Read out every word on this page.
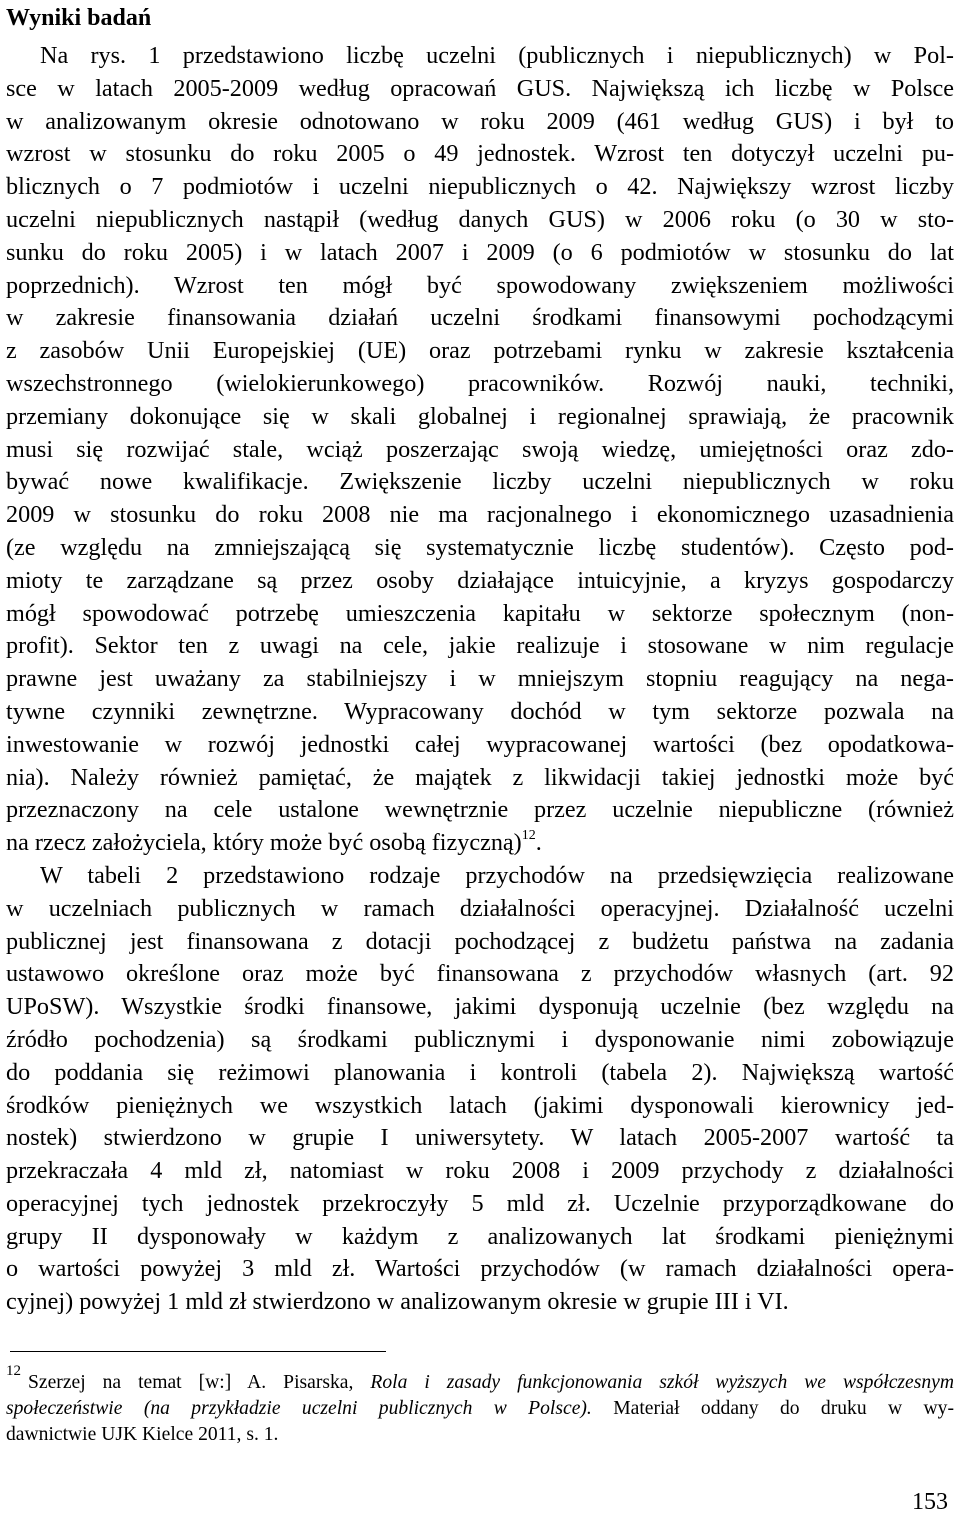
Wyniki badań
Na rys. 1 przedstawiono liczbę uczelni (publicznych i niepublicznych) w Pol-
sce w latach 2005-2009 według opracowań GUS. Największą ich liczbę w Polsce
w analizowanym okresie odnotowano w roku 2009 (461 według GUS) i był to
wzrost w stosunku do roku 2005 o 49 jednostek. Wzrost ten dotyczył uczelni pu-
blicznych o 7 podmiotów i uczelni niepublicznych o 42. Największy wzrost liczby
uczelni niepublicznych nastąpił (według danych GUS) w 2006 roku (o 30 w sto-
sunku do roku 2005) i w latach 2007 i 2009 (o 6 podmiotów w stosunku do lat
poprzednich). Wzrost ten mógł być spowodowany zwiększeniem możliwości
w zakresie finansowania działań uczelni środkami finansowymi pochodzącymi
z zasobów Unii Europejskiej (UE) oraz potrzebami rynku w zakresie kształcenia
wszechstronnego (wielokierunkowego) pracowników. Rozwój nauki, techniki,
przemiany dokonujące się w skali globalnej i regionalnej sprawiają, że pracownik
musi się rozwijać stale, wciąż poszerzając swoją wiedzę, umiejętności oraz zdo-
bywać nowe kwalifikacje. Zwiększenie liczby uczelni niepublicznych w roku
2009 w stosunku do roku 2008 nie ma racjonalnego i ekonomicznego uzasadnienia
(ze względu na zmniejszającą się systematycznie liczbę studentów). Często pod-
mioty te zarządzane są przez osoby działające intuicyjnie, a kryzys gospodarczy
mógł spowodować potrzebę umieszczenia kapitału w sektorze społecznym (non-
profit). Sektor ten z uwagi na cele, jakie realizuje i stosowane w nim regulacje
prawne jest uważany za stabilniejszy i w mniejszym stopniu reagujący na nega-
tywne czynniki zewnętrzne. Wypracowany dochód w tym sektorze pozwala na
inwestowanie w rozwój jednostki całej wypracowanej wartości (bez opodatkowa-
nia). Należy również pamiętać, że majątek z likwidacji takiej jednostki może być
przeznaczony na cele ustalone wewnętrznie przez uczelnie niepubliczne (również
na rzecz założyciela, który może być osobą fizyczną)$^{12}$.
W tabeli 2 przedstawiono rodzaje przychodów na przedsięwzięcia realizowane
w uczelniach publicznych w ramach działalności operacyjnej. Działalność uczelni
publicznej jest finansowana z dotacji pochodzącej z budżetu państwa na zadania
ustawowo określone oraz może być finansowana z przychodów własnych (art. 92
UPoSW). Wszystkie środki finansowe, jakimi dysponują uczelnie (bez względu na
źródło pochodzenia) są środkami publicznymi i dysponowanie nimi zobowiązuje
do poddania się reżimowi planowania i kontroli (tabela 2). Największą wartość
środków pieniężnych we wszystkich latach (jakimi dysponowali kierownicy jed-
nostek) stwierdzono w grupie I uniwersytety. W latach 2005-2007 wartość ta
przekraczała 4 mld zł, natomiast w roku 2008 i 2009 przychody z działalności
operacyjnej tych jednostek przekroczyły 5 mld zł. Uczelnie przyporządkowane do
grupy II dysponowały w każdym z analizowanych lat środkami pieniężnymi
o wartości powyżej 3 mld zł. Wartości przychodów (w ramach działalności opera-
cyjnej) powyżej 1 mld zł stwierdzono w analizowanym okresie w grupie III i VI.
12
Szerzej na temat [w:] A. Pisarska, Rola i zasady funkcjonowania szkół wyższych we współczesnym
społeczeństwie (na przykładzie uczelni publicznych w Polsce). Materiał oddany do druku w wy-
dawnictwie UJK Kielce 2011, s. 1.
153
